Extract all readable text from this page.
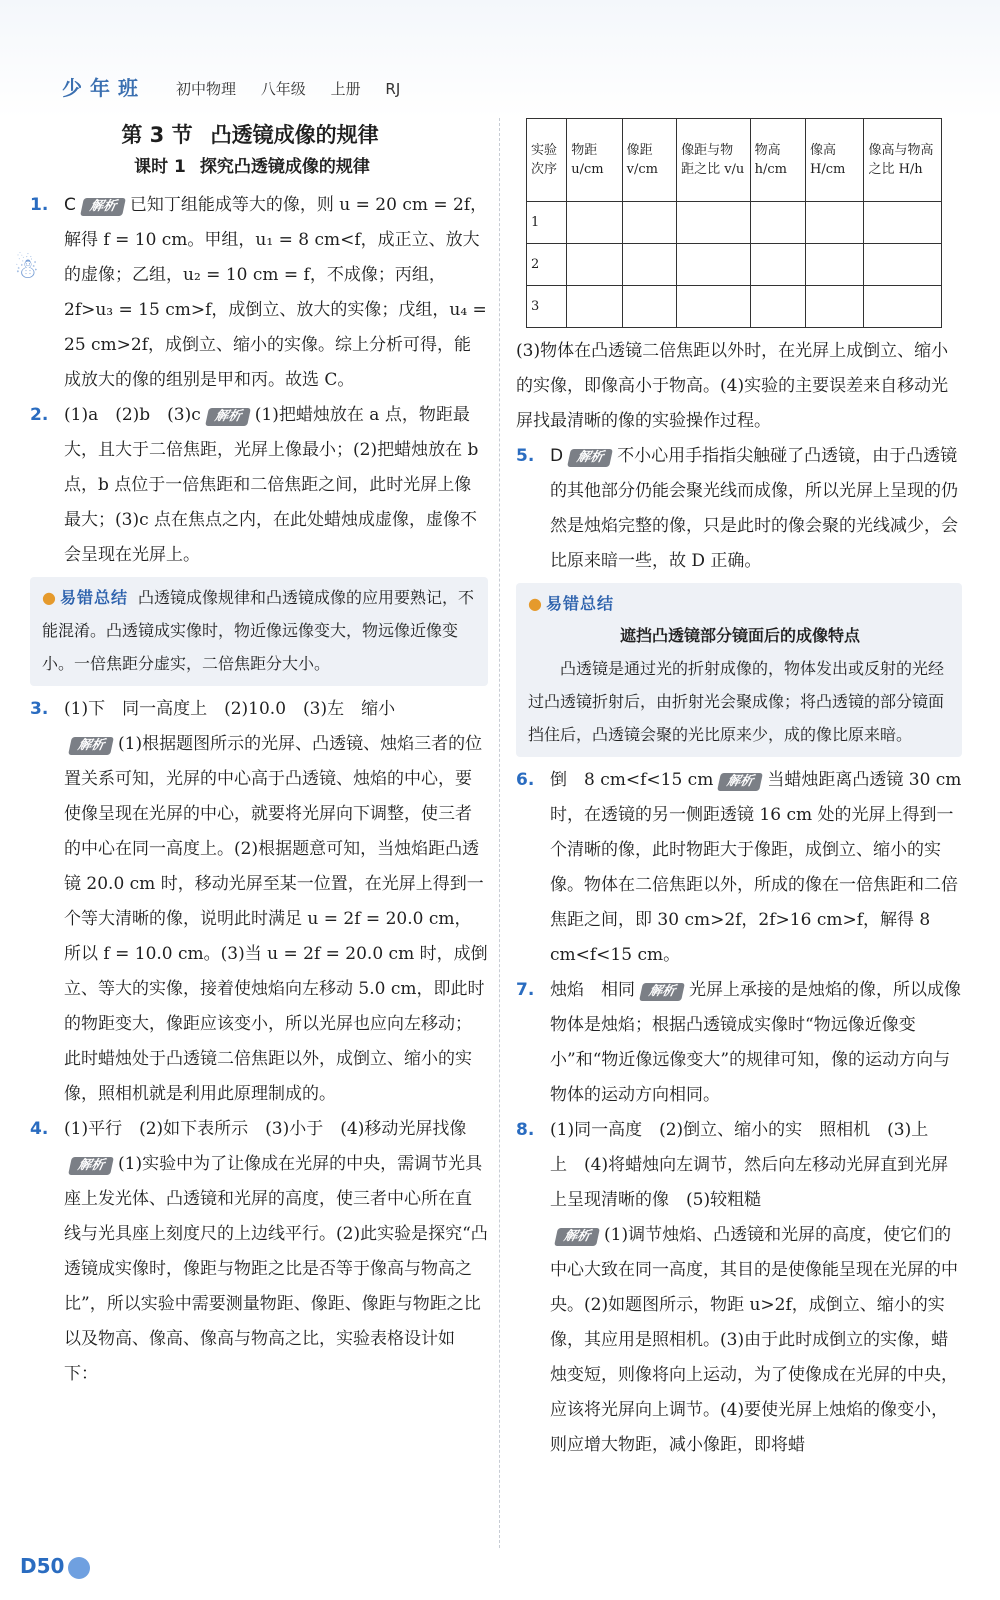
少年班 初中物理 八年级 上册 RJ
☃
第 3 节 凸透镜成像的规律
课时 1 探究凸透镜成像的规律

1. C 解析 已知丁组能成等大的像，则 u = 20 cm = 2f，解得 f = 10 cm。甲组，u₁ = 8 cm<f，成正立、放大的虚像；乙组，u₂ = 10 cm = f，不成像；丙组，2f>u₃ = 15 cm>f，成倒立、放大的实像；戊组，u₄ = 25 cm>2f，成倒立、缩小的实像。综上分析可得，能成放大的像的组别是甲和丙。故选 C。

2. (1)a　(2)b　(3)c 解析 (1)把蜡烛放在 a 点，物距最大，且大于二倍焦距，光屏上像最小；(2)把蜡烛放在 b 点，b 点位于一倍焦距和二倍焦距之间，此时光屏上像最大；(3)c 点在焦点之内，在此处蜡烛成虚像，虚像不会呈现在光屏上。

● 易错总结 凸透镜成像规律和凸透镜成像的应用要熟记，不能混淆。凸透镜成实像时，物近像远像变大，物远像近像变小。一倍焦距分虚实，二倍焦距分大小。

3. (1)下　同一高度上　(2)10.0　(3)左　缩小
解析 (1)根据题图所示的光屏、凸透镜、烛焰三者的位置关系可知，光屏的中心高于凸透镜、烛焰的中心，要使像呈现在光屏的中心，就要将光屏向下调整，使三者的中心在同一高度上。(2)根据题意可知，当烛焰距凸透镜 20.0 cm 时，移动光屏至某一位置，在光屏上得到一个等大清晰的像，说明此时满足 u = 2f = 20.0 cm，所以 f = 10.0 cm。(3)当 u = 2f = 20.0 cm 时，成倒立、等大的实像，接着使烛焰向左移动 5.0 cm，即此时的物距变大，像距应该变小，所以光屏也应向左移动；此时蜡烛处于凸透镜二倍焦距以外，成倒立、缩小的实像，照相机就是利用此原理制成的。

4. (1)平行　(2)如下表所示　(3)小于　(4)移动光屏找像解析 (1)实验中为了让像成在光屏的中央，需调节光具座上发光体、凸透镜和光屏的高度，使三者中心所在直线与光具座上刻度尺的上边线平行。(2)此实验是探究“凸透镜成实像时，像距与物距之比是否等于像高与物高之比”，所以实验中需要测量物距、像距、像距与物距之比以及物高、像高、像高与物高之比，实验表格设计如下：

实验次序	物距 u/cm	像距 v/cm	像距与物距之比 v/u	物高 h/cm	像高 H/cm	像高与物高之比 H/h
1						
2						
3						

(3)物体在凸透镜二倍焦距以外时，在光屏上成倒立、缩小的实像，即像高小于物高。(4)实验的主要误差来自移动光屏找最清晰的像的实验操作过程。

5. D 解析 不小心用手指指尖触碰了凸透镜，由于凸透镜的其他部分仍能会聚光线而成像，所以光屏上呈现的仍然是烛焰完整的像，只是此时的像会聚的光线减少，会比原来暗一些，故 D 正确。

● 易错总结
遮挡凸透镜部分镜面后的成像特点
凸透镜是通过光的折射成像的，物体发出或反射的光经过凸透镜折射后，由折射光会聚成像；将凸透镜的部分镜面挡住后，凸透镜会聚的光比原来少，成的像比原来暗。

6. 倒　8 cm<f<15 cm 解析 当蜡烛距离凸透镜 30 cm 时，在透镜的另一侧距透镜 16 cm 处的光屏上得到一个清晰的像，此时物距大于像距，成倒立、缩小的实像。物体在二倍焦距以外，所成的像在一倍焦距和二倍焦距之间，即 30 cm>2f，2f>16 cm>f，解得 8 cm<f<15 cm。

7. 烛焰　相同 解析 光屏上承接的是烛焰的像，所以成像物体是烛焰；根据凸透镜成实像时“物远像近像变小”和“物近像远像变大”的规律可知，像的运动方向与物体的运动方向相同。

8. (1)同一高度　(2)倒立、缩小的实　照相机　(3)上　上　(4)将蜡烛向左调节，然后向左移动光屏直到光屏上呈现清晰的像　(5)较粗糙
解析 (1)调节烛焰、凸透镜和光屏的高度，使它们的中心大致在同一高度，其目的是使像能呈现在光屏的中央。(2)如题图所示，物距 u>2f，成倒立、缩小的实像，其应用是照相机。(3)由于此时成倒立的实像，蜡烛变短，则像将向上运动，为了使像成在光屏的中央，应该将光屏向上调节。(4)要使光屏上烛焰的像变小，则应增大物距，减小像距，即将蜡

D50
